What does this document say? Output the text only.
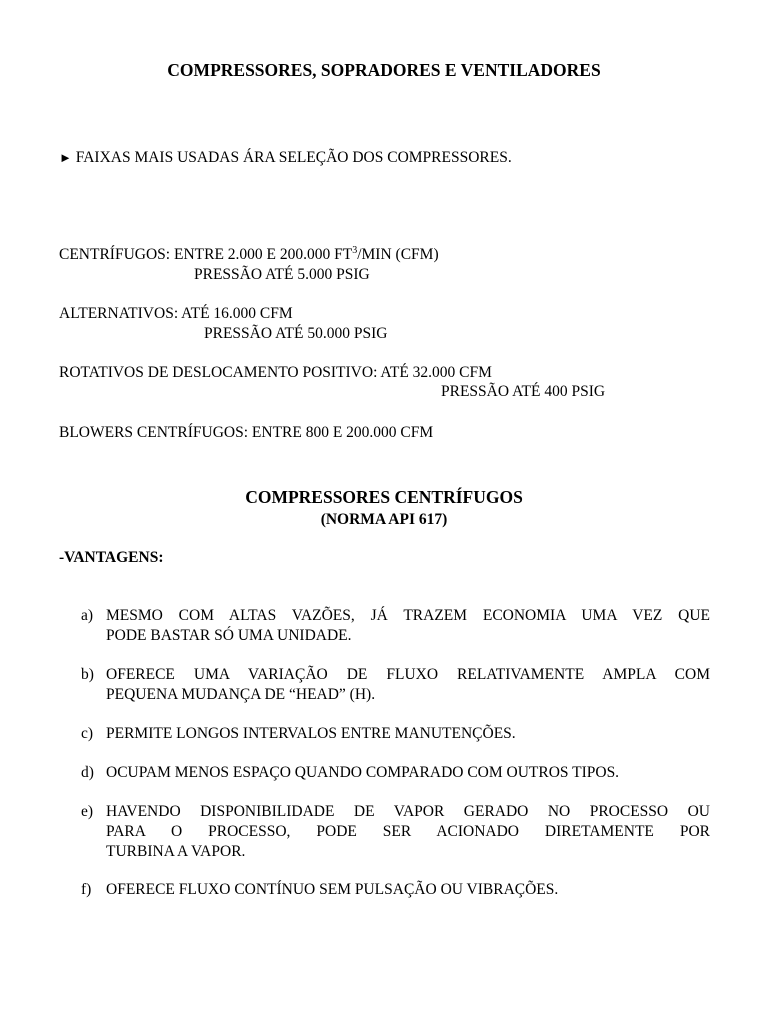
COMPRESSORES, SOPRADORES E VENTILADORES
► FAIXAS MAIS USADAS ÁRA SELEÇÃO DOS COMPRESSORES.
CENTRÍFUGOS: ENTRE 2.000 E 200.000 $FT^3$/MIN (CFM)
PRESSÃO ATÉ 5.000 PSIG
ALTERNATIVOS: ATÉ 16.000 CFM
PRESSÃO ATÉ 50.000 PSIG
ROTATIVOS DE DESLOCAMENTO POSITIVO: ATÉ 32.000 CFM
PRESSÃO ATÉ 400 PSIG
BLOWERS CENTRÍFUGOS: ENTRE 800 E 200.000 CFM
COMPRESSORES CENTRÍFUGOS
(NORMA API 617)
-VANTAGENS:
a) MESMO COM ALTAS VAZÕES, JÁ TRAZEM ECONOMIA UMA VEZ QUE
PODE BASTAR SÓ UMA UNIDADE.
b) OFERECE UMA VARIAÇÃO DE FLUXO RELATIVAMENTE AMPLA COM
PEQUENA MUDANÇA DE “HEAD” (H).
c) PERMITE LONGOS INTERVALOS ENTRE MANUTENÇÕES.
d) OCUPAM MENOS ESPAÇO QUANDO COMPARADO COM OUTROS TIPOS.
e) HAVENDO DISPONIBILIDADE DE VAPOR GERADO NO PROCESSO OU
PARA O PROCESSO, PODE SER ACIONADO DIRETAMENTE POR
TURBINA A VAPOR.
f) OFERECE FLUXO CONTÍNUO SEM PULSAÇÃO OU VIBRAÇÕES.
